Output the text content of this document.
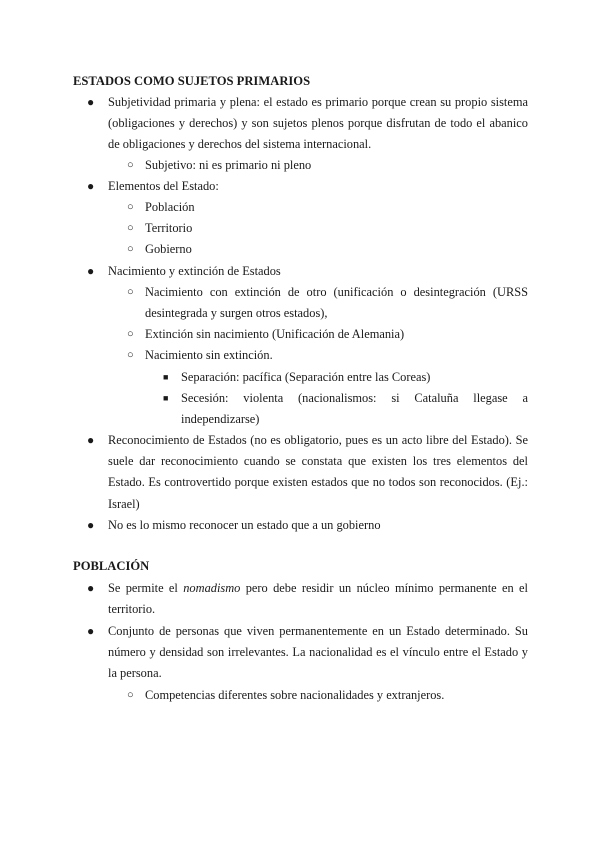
ESTADOS COMO SUJETOS PRIMARIOS
● Subjetividad primaria y plena: el estado es primario porque crean su propio sistema (obligaciones y derechos) y son sujetos plenos porque disfrutan de todo el abanico de obligaciones y derechos del sistema internacional.
○ Subjetivo: ni es primario ni pleno
● Elementos del Estado:
○ Población
○ Territorio
○ Gobierno
● Nacimiento y extinción de Estados
○ Nacimiento con extinción de otro (unificación o desintegración (URSS desintegrada y surgen otros estados),
○ Extinción sin nacimiento (Unificación de Alemania)
○ Nacimiento sin extinción.
■ Separación: pacífica (Separación entre las Coreas)
■ Secesión: violenta (nacionalismos: si Cataluña llegase a independizarse)
● Reconocimiento de Estados (no es obligatorio, pues es un acto libre del Estado). Se suele dar reconocimiento cuando se constata que existen los tres elementos del Estado. Es controvertido porque existen estados que no todos son reconocidos. (Ej.: Israel)
● No es lo mismo reconocer un estado que a un gobierno
POBLACIÓN
● Se permite el nomadismo pero debe residir un núcleo mínimo permanente en el territorio.
● Conjunto de personas que viven permanentemente en un Estado determinado. Su número y densidad son irrelevantes. La nacionalidad es el vínculo entre el Estado y la persona.
○ Competencias diferentes sobre nacionalidades y extranjeros.
